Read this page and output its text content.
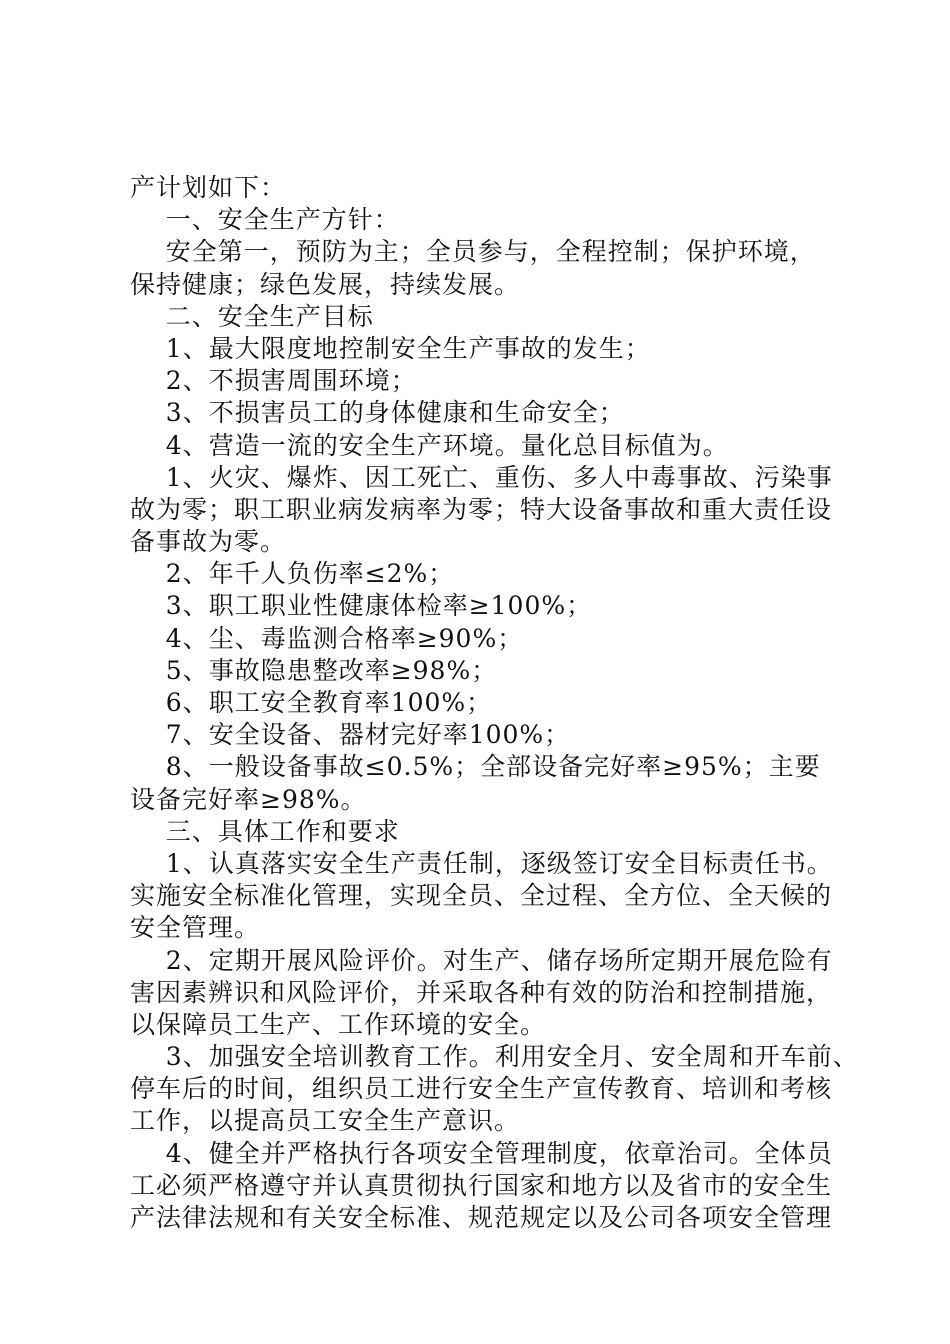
产计划如下：
一、安全生产方针：
安全第一，预防为主；全员参与，全程控制；保护环境，
保持健康；绿色发展，持续发展。
二、安全生产目标
1、最大限度地控制安全生产事故的发生；
2、不损害周围环境；
3、不损害员工的身体健康和生命安全；
4、营造一流的安全生产环境。量化总目标值为。
1、火灾、爆炸、因工死亡、重伤、多人中毒事故、污染事
故为零；职工职业病发病率为零；特大设备事故和重大责任设
备事故为零。
2、年千人负伤率≤2%；
3、职工职业性健康体检率≥100%；
4、尘、毒监测合格率≥90%；
5、事故隐患整改率≥98%；
6、职工安全教育率100%；
7、安全设备、器材完好率100%；
8、一般设备事故≤0.5%；全部设备完好率≥95%；主要
设备完好率≥98%。
三、具体工作和要求
1、认真落实安全生产责任制，逐级签订安全目标责任书。
实施安全标准化管理，实现全员、全过程、全方位、全天候的
安全管理。
2、定期开展风险评价。对生产、储存场所定期开展危险有
害因素辨识和风险评价，并采取各种有效的防治和控制措施，
以保障员工生产、工作环境的安全。
3、加强安全培训教育工作。利用安全月、安全周和开车前、
停车后的时间，组织员工进行安全生产宣传教育、培训和考核
工作，以提高员工安全生产意识。
4、健全并严格执行各项安全管理制度，依章治司。全体员
工必须严格遵守并认真贯彻执行国家和地方以及省市的安全生
产法律法规和有关安全标准、规范规定以及公司各项安全管理
